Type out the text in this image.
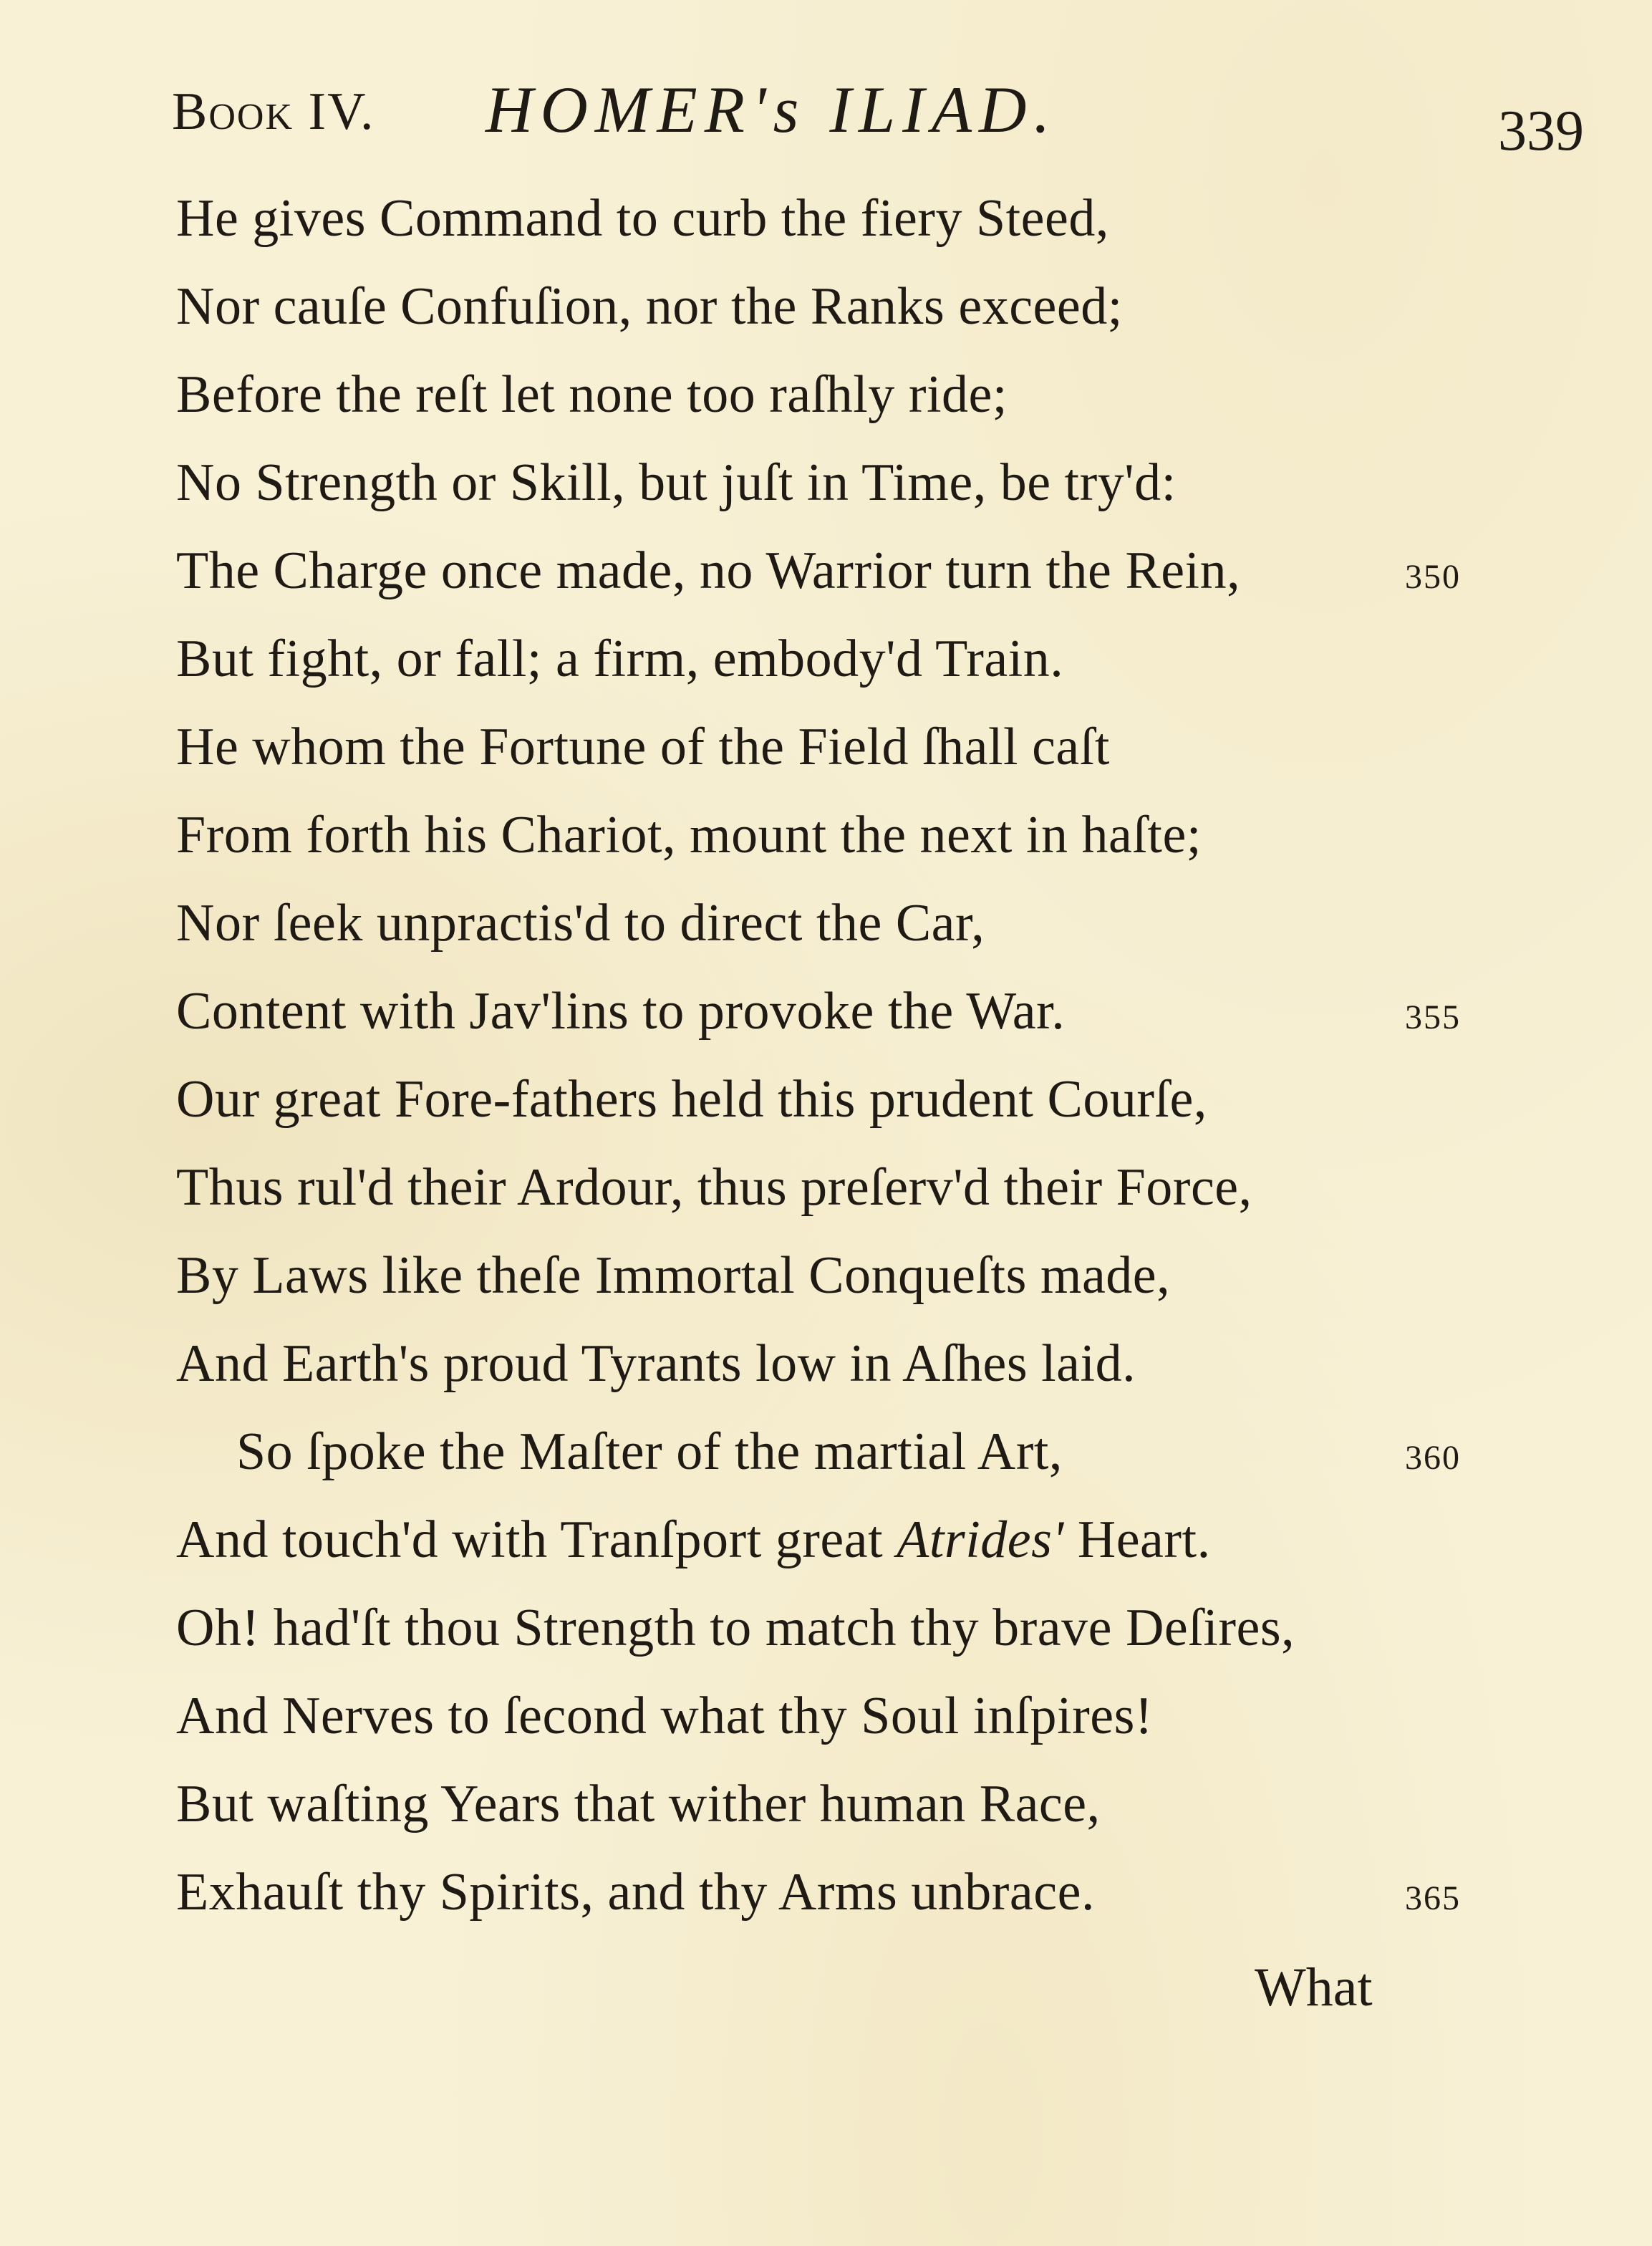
Book IV. HOMER's ILIAD.	339
He gives Command to curb the fiery Steed,
Nor cauſe Confuſion, nor the Ranks exceed;
Before the reſt let none too raſhly ride;
No Strength or Skill, but juſt in Time, be try'd:
The Charge once made, no Warrior turn the Rein,	350
But fight, or fall; a firm, embody'd Train.
He whom the Fortune of the Field ſhall caſt
From forth his Chariot, mount the next in haſte;
Nor ſeek unpractis'd to direct the Car,
Content with Jav'lins to provoke the War.	355
Our great Fore-fathers held this prudent Courſe,
Thus rul'd their Ardour, thus preſerv'd their Force,
By Laws like theſe Immortal Conqueſts made,
And Earth's proud Tyrants low in Aſhes laid.
So ſpoke the Maſter of the martial Art,	360
And touch'd with Tranſport great Atrides' Heart.
Oh! had'ſt thou Strength to match thy brave Deſires,
And Nerves to ſecond what thy Soul inſpires!
But waſting Years that wither human Race,
Exhauſt thy Spirits, and thy Arms unbrace.	365
What
